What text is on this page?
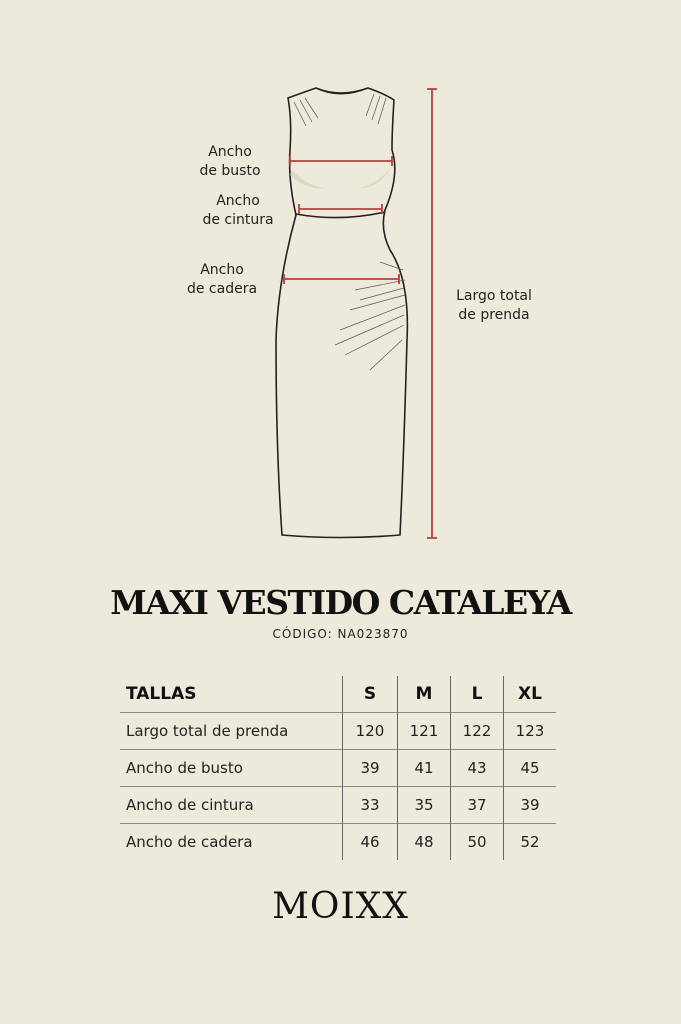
Ancho
de busto
Ancho
de cintura
Ancho
de cadera	Largo total
de prenda
MAXI VESTIDO CATALEYA
CÓDIGO: NA023870
TALLAS	S	M	L	XL
Largo total de prenda	120	121	122	123
Ancho de busto	39	41	43	45
Ancho de cintura	33	35	37	39
Ancho de cadera	46	48	50	52
MOIXX
